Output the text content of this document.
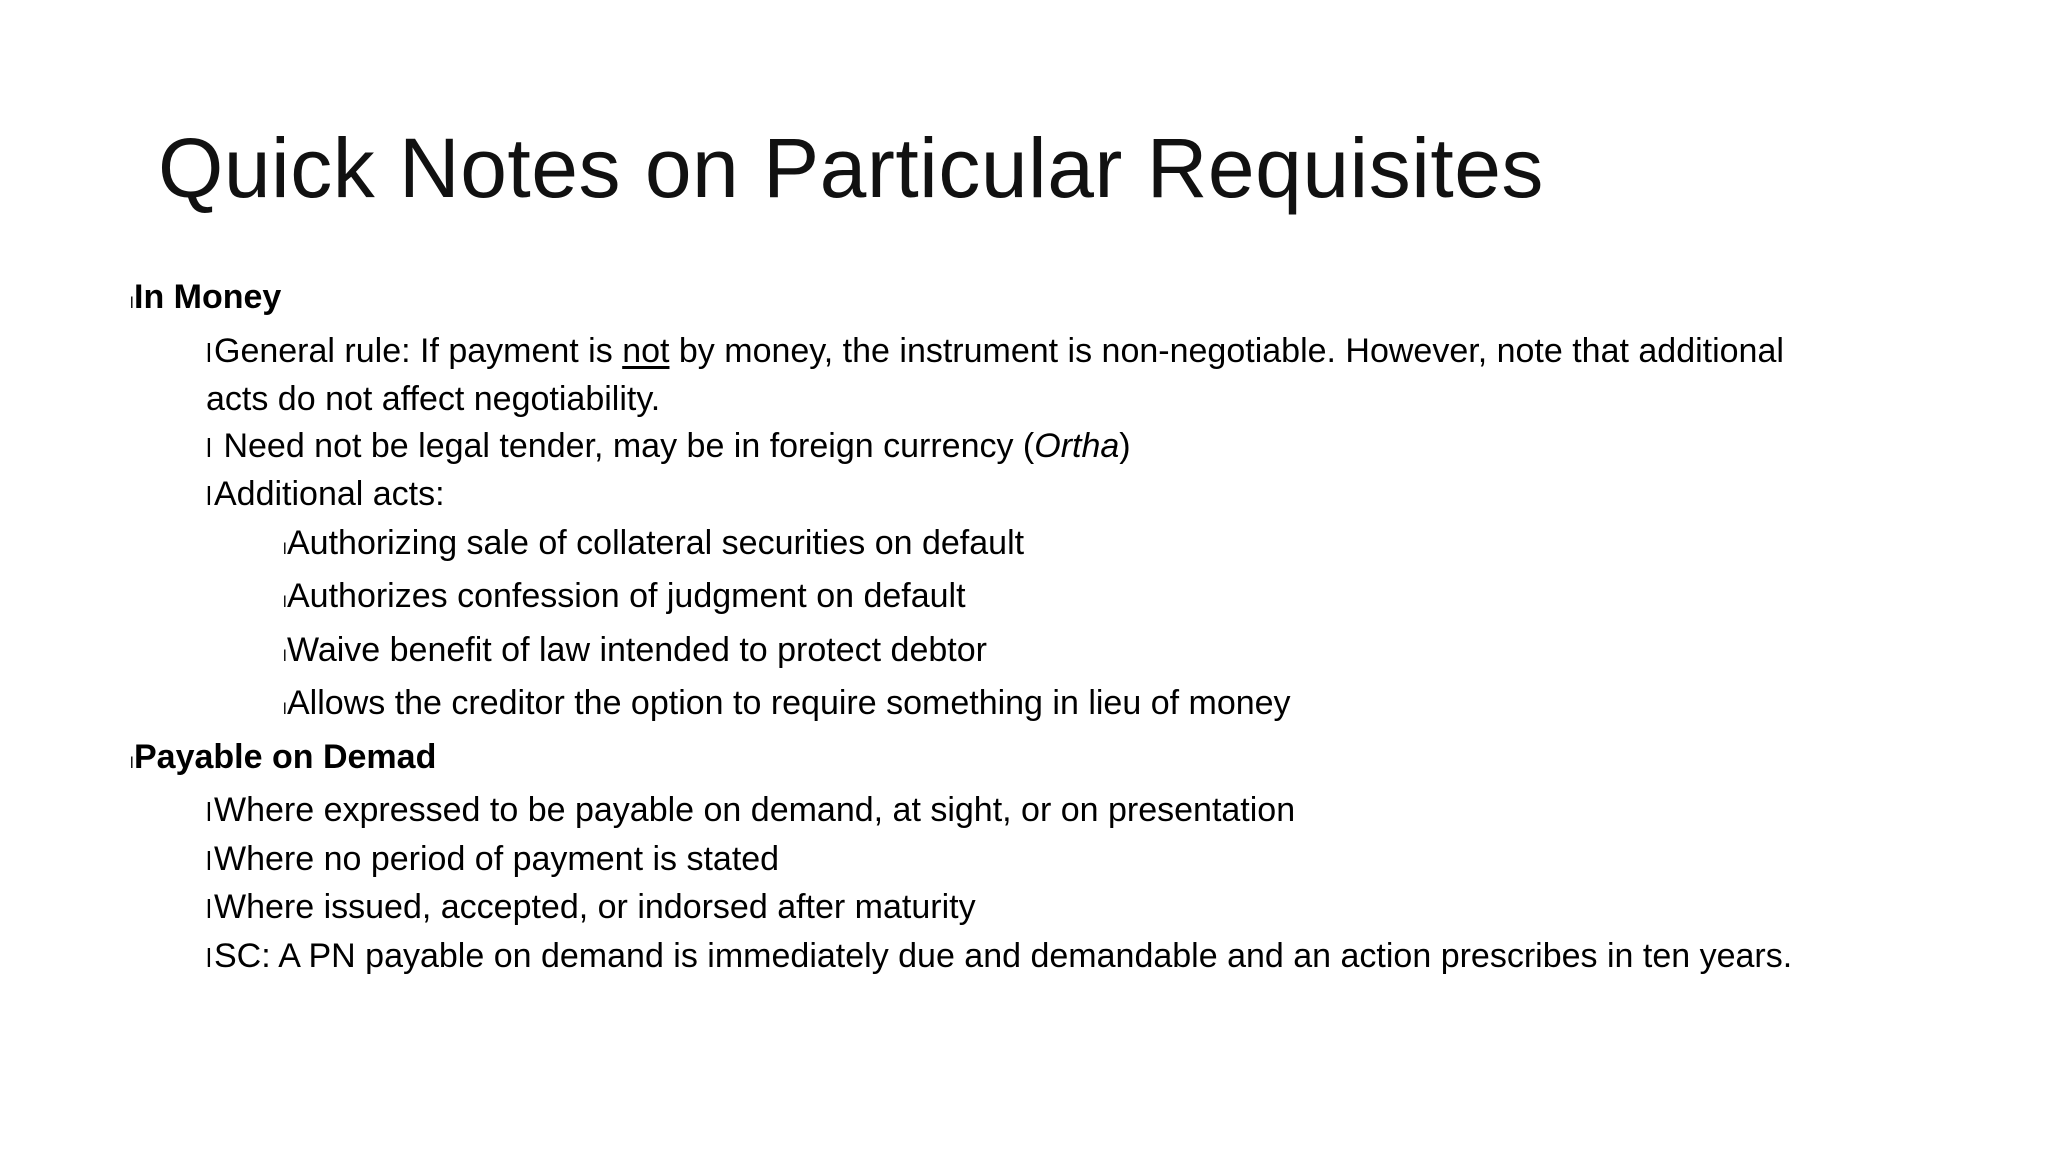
Quick Notes on Particular Requisites
lIn Money
lGeneral rule: If payment is not by money, the instrument is non-negotiable. However, note that additional
acts do not affect negotiability.
l Need not be legal tender, may be in foreign currency (Ortha)
lAdditional acts:
lAuthorizing sale of collateral securities on default
lAuthorizes confession of judgment on default
lWaive benefit of law intended to protect debtor
lAllows the creditor the option to require something in lieu of money
lPayable on Demad
lWhere expressed to be payable on demand, at sight, or on presentation
lWhere no period of payment is stated
lWhere issued, accepted, or indorsed after maturity
lSC: A PN payable on demand is immediately due and demandable and an action prescribes in ten years.
